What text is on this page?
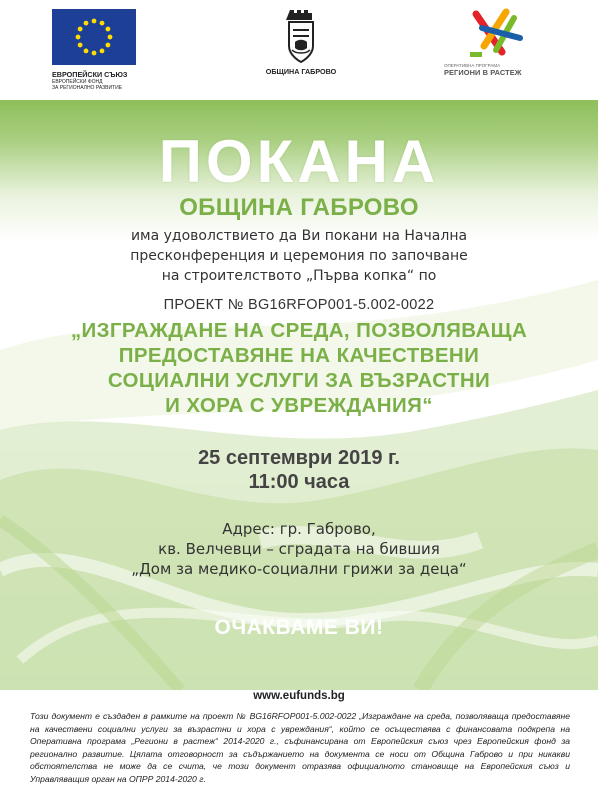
ЕВРОПЕЙСКИ СЪЮЗ
ЕВРОПЕЙСКИ ФОНД
ЗА РЕГИОНАЛНО РАЗВИТИЕ
ОБЩИНА ГАБРОВО
ОПЕРАТИВНА ПРОГРАМА
РЕГИОНИ В РАСТЕЖ
ПОКАНА
ОБЩИНА ГАБРОВО
има удоволствието да Ви покани на Начална
пресконференция и церемония по започване
на строителството „Първа копка“ по
ПРОЕКТ № BG16RFOP001-5.002-0022
„ИЗГРАЖДАНЕ НА СРЕДА, ПОЗВОЛЯВАЩА
ПРЕДОСТАВЯНЕ НА КАЧЕСТВЕНИ
СОЦИАЛНИ УСЛУГИ ЗА ВЪЗРАСТНИ
И ХОРА С УВРЕЖДАНИЯ“
25 септември 2019 г.
11:00 часа
Адрес: гр. Габрово,
кв. Велчевци – сградата на бившия
„Дом за медико-социални грижи за деца“
ОЧАКВАМЕ ВИ!
www.eufunds.bg
Този документ е създаден в рамките на проект № BG16RFOP001-5.002-0022 „Изграждане на среда, позволяваща предоставяне на качествени социални услуги за възрастни и хора с увреждания“, който се осъществява с финансовата подкрепа на Оперативна програма „Региони в растеж“ 2014-2020 г., съфинансирана от Европейския съюз чрез Европейския фонд за регионално развитие. Цялата отговорност за съдържанието на документа се носи от Община Габрово и при никакви обстоятелства не може да се счита, че този документ отразява официалното становище на Европейския съюз и Управляващия орган на ОПРР 2014-2020 г.
